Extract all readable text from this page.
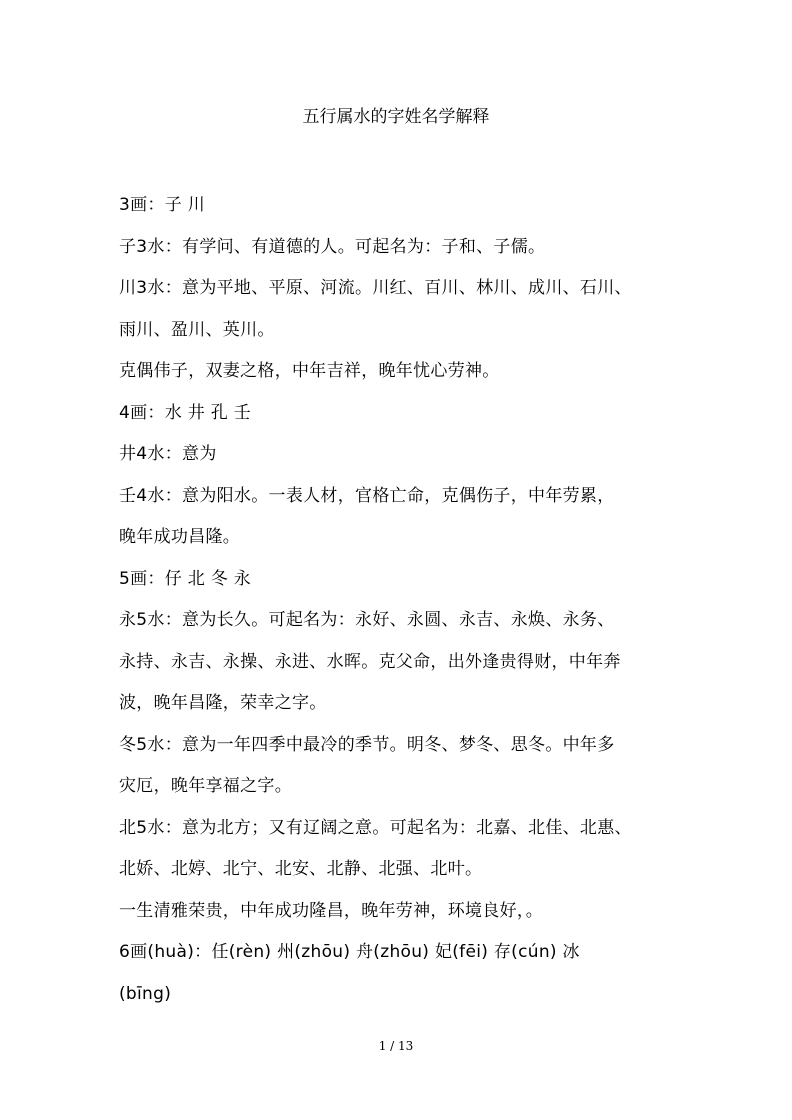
五行属水的字姓名学解释
3画：子 川
子3水：有学问、有道德的人。可起名为：子和、子儒。
川3水：意为平地、平原、河流。川红、百川、林川、成川、石川、
雨川、盈川、英川。
克偶伟子，双妻之格，中年吉祥，晚年忧心劳神。
4画：水 井 孔 壬
井4水：意为
壬4水：意为阳水。一表人材，官格亡命，克偶伤子，中年劳累，
晚年成功昌隆。
5画：仔 北 冬 永
永5水：意为长久。可起名为：永好、永圆、永吉、永焕、永务、
永持、永吉、永操、永进、水晖。克父命，出外逢贵得财，中年奔
波，晚年昌隆，荣幸之字。
冬5水：意为一年四季中最冷的季节。明冬、梦冬、思冬。中年多
灾厄，晚年享福之字。
北5水：意为北方；又有辽阔之意。可起名为：北嘉、北佳、北惠、
北娇、北婷、北宁、北安、北静、北强、北叶。
一生清雅荣贵，中年成功隆昌，晚年劳神，环境良好，。
6画(huà)：任(rèn) 州(zhōu) 舟(zhōu) 妃(fēi) 存(cún) 冰
(bīng)
1 / 13
